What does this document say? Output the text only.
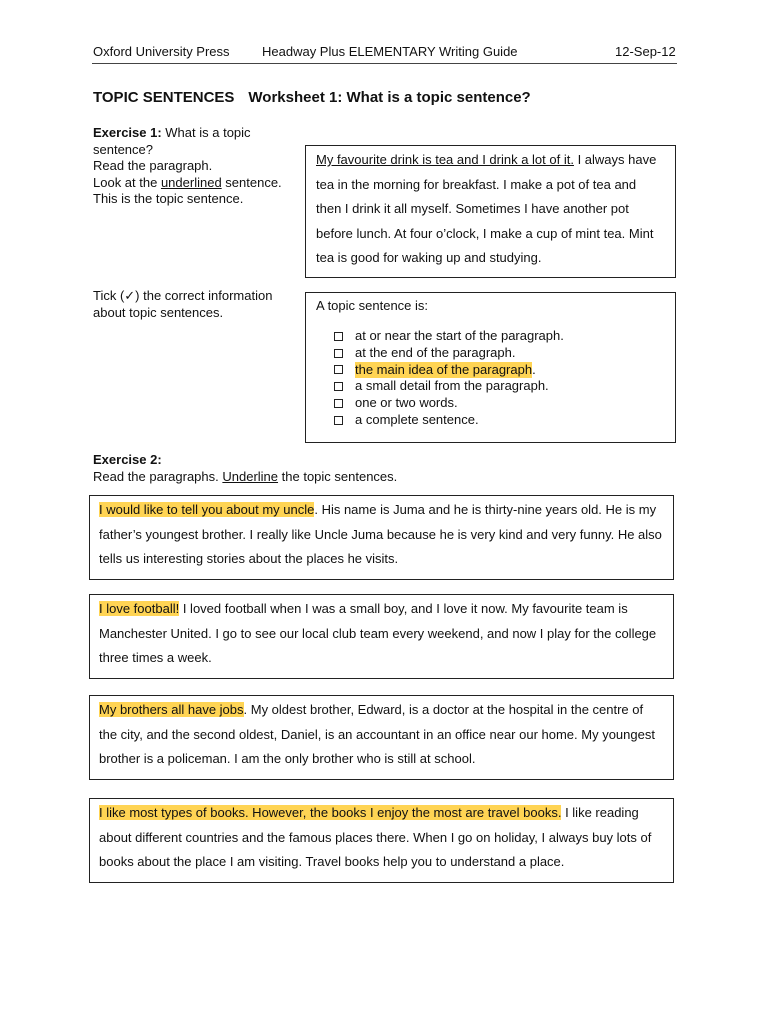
Oxford University Press Headway Plus ELEMENTARY Writing Guide	12-Sep-12
TOPIC SENTENCES Worksheet 1: What is a topic sentence?
Exercise 1: What is a topic sentence?
Read the paragraph.
Look at the underlined sentence.
This is the topic sentence.

My favourite drink is tea and I drink a lot of it. I always have tea in the morning for breakfast. I make a pot of tea and then I drink it all myself. Sometimes I have another pot before lunch. At four o’clock, I make a cup of mint tea. Mint tea is good for waking up and studying.

Tick (✓) the correct information
about topic sentences.	A topic sentence is:
at or near the start of the paragraph.
at the end of the paragraph.
the main idea of the paragraph .
a small detail from the paragraph.
one or two words.
a complete sentence.
Exercise 2:
Read the paragraphs. Underline the topic sentences.

I would like to tell you about my uncle. His name is Juma and he is thirty-nine years old. He is my father’s youngest brother. I really like Uncle Juma because he is very kind and very funny. He also tells us interesting stories about the places he visits.

I love football! I loved football when I was a small boy, and I love it now. My favourite team is Manchester United. I go to see our local club team every weekend, and now I play for the college three times a week.

My brothers all have jobs. My oldest brother, Edward, is a doctor at the hospital in the centre of the city, and the second oldest, Daniel, is an accountant in an office near our home. My youngest brother is a policeman. I am the only brother who is still at school.

I like most types of books. However, the books I enjoy the most are travel books. I like reading about different countries and the famous places there. When I go on holiday, I always buy lots of books about the place I am visiting. Travel books help you to understand a place.
